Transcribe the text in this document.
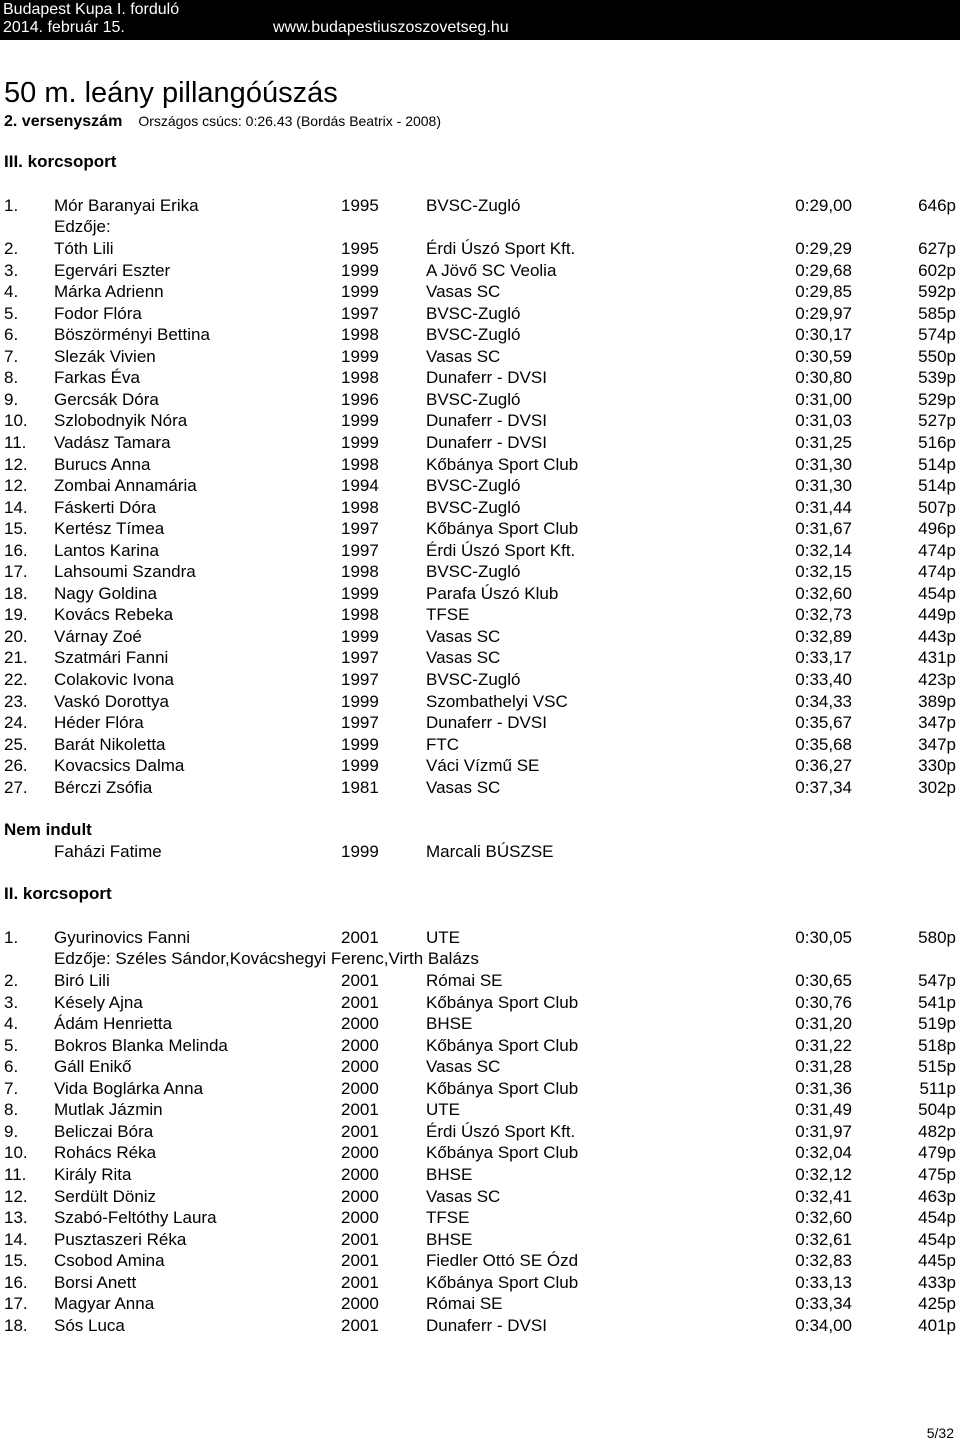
Budapest Kupa I. forduló
2014. február 15.	www.budapestiuszoszovetseg.hu
50 m. leány pillangóúszás
2. versenyszám Országos csúcs: 0:26.43 (Bordás Beatrix - 2008)
III. korcsoport
1. Mór Baranyai Erika	1995	BVSC-Zugló	0:29,00	646p
Edzője:
2. Tóth Lili	1995	Érdi Úszó Sport Kft.	0:29,29	627p
3. Egervári Eszter	1999	A Jövő SC Veolia	0:29,68	602p
4. Márka Adrienn	1999	Vasas SC	0:29,85	592p
5. Fodor Flóra	1997	BVSC-Zugló	0:29,97	585p
6. Böszörményi Bettina	1998	BVSC-Zugló	0:30,17	574p
7. Slezák Vivien	1999	Vasas SC	0:30,59	550p
8. Farkas Éva	1998	Dunaferr - DVSI	0:30,80	539p
9. Gercsák Dóra	1996	BVSC-Zugló	0:31,00	529p
10. Szlobodnyik Nóra	1999	Dunaferr - DVSI	0:31,03	527p
11. Vadász Tamara	1999	Dunaferr - DVSI	0:31,25	516p
12. Burucs Anna	1998	Kőbánya Sport Club	0:31,30	514p
12. Zombai Annamária	1994	BVSC-Zugló	0:31,30	514p
14. Fáskerti Dóra	1998	BVSC-Zugló	0:31,44	507p
15. Kertész Tímea	1997	Kőbánya Sport Club	0:31,67	496p
16. Lantos Karina	1997	Érdi Úszó Sport Kft.	0:32,14	474p
17. Lahsoumi Szandra	1998	BVSC-Zugló	0:32,15	474p
18. Nagy Goldina	1999	Parafa Úszó Klub	0:32,60	454p
19. Kovács Rebeka	1998	TFSE	0:32,73	449p
20. Várnay Zoé	1999	Vasas SC	0:32,89	443p
21. Szatmári Fanni	1997	Vasas SC	0:33,17	431p
22. Colakovic Ivona	1997	BVSC-Zugló	0:33,40	423p
23. Vaskó Dorottya	1999	Szombathelyi VSC	0:34,33	389p
24. Héder Flóra	1997	Dunaferr - DVSI	0:35,67	347p
25. Barát Nikoletta	1999	FTC	0:35,68	347p
26. Kovacsics Dalma	1999	Váci Vízmű SE	0:36,27	330p
27. Bérczi Zsófia	1981	Vasas SC	0:37,34	302p
Nem indult
Faházi Fatime	1999	Marcali BÚSZSE
II. korcsoport
1. Gyurinovics Fanni	2001	UTE	0:30,05	580p
Edzője: Széles Sándor,Kovácshegyi Ferenc,Virth Balázs
2. Biró Lili	2001	Római SE	0:30,65	547p
3. Késely Ajna	2001	Kőbánya Sport Club	0:30,76	541p
4. Ádám Henrietta	2000	BHSE	0:31,20	519p
5. Bokros Blanka Melinda	2000	Kőbánya Sport Club	0:31,22	518p
6. Gáll Enikő	2000	Vasas SC	0:31,28	515p
7. Vida Boglárka Anna	2000	Kőbánya Sport Club	0:31,36	511p
8. Mutlak Jázmin	2001	UTE	0:31,49	504p
9. Beliczai Bóra	2001	Érdi Úszó Sport Kft.	0:31,97	482p
10. Rohács Réka	2000	Kőbánya Sport Club	0:32,04	479p
11. Király Rita	2000	BHSE	0:32,12	475p
12. Serdült Döniz	2000	Vasas SC	0:32,41	463p
13. Szabó-Feltóthy Laura	2000	TFSE	0:32,60	454p
14. Pusztaszeri Réka	2001	BHSE	0:32,61	454p
15. Csobod Amina	2001	Fiedler Ottó SE Ózd	0:32,83	445p
16. Borsi Anett	2001	Kőbánya Sport Club	0:33,13	433p
17. Magyar Anna	2000	Római SE	0:33,34	425p
18. Sós Luca	2001	Dunaferr - DVSI	0:34,00	401p
5/32
